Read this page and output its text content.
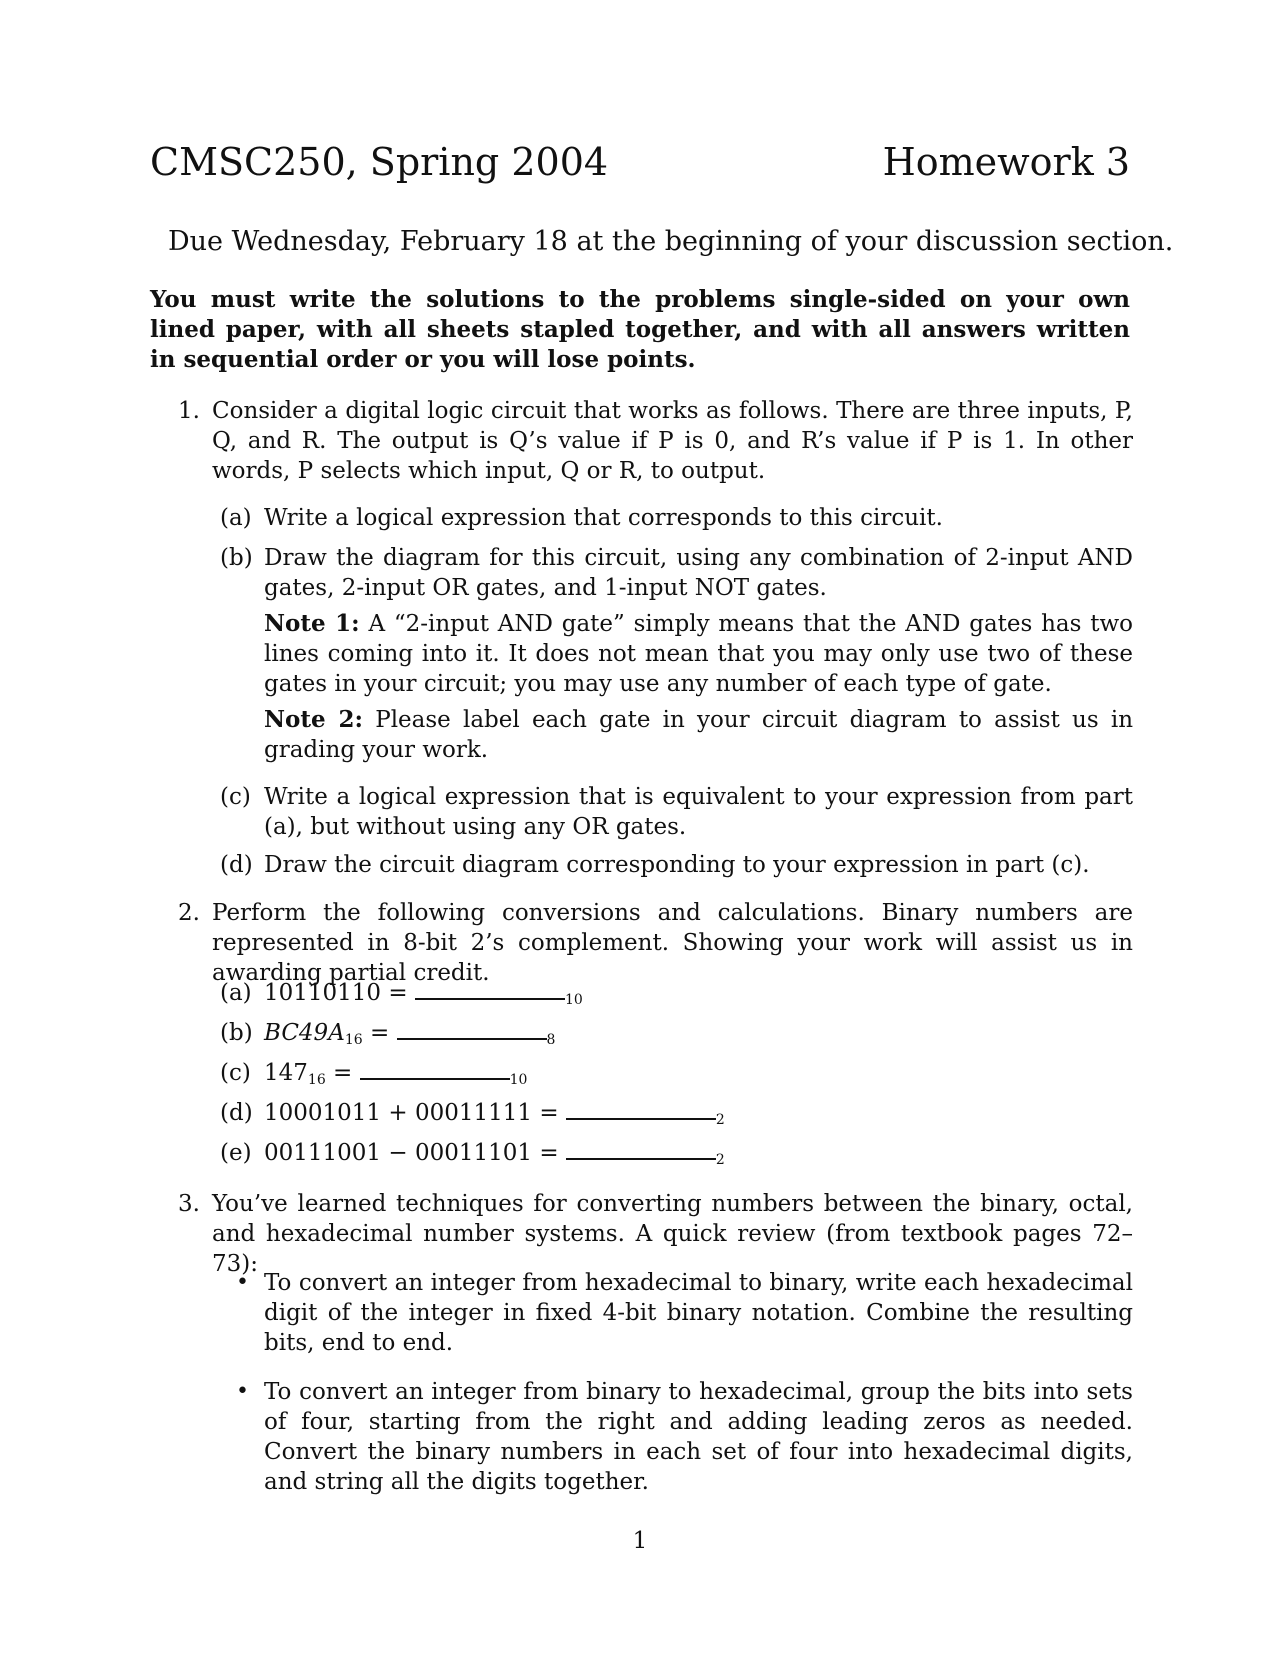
CMSC250, Spring 2004	Homework 3
Due Wednesday, February 18 at the beginning of your discussion section.
You must write the solutions to the problems single-sided on your own lined paper, with all sheets stapled together, and with all answers written in sequential order or you will lose points.
1. Consider a digital logic circuit that works as follows. There are three inputs, P, Q, and R. The output is Q’s value if P is 0, and R’s value if P is 1. In other words, P selects which input, Q or R, to output.
(a) Write a logical expression that corresponds to this circuit.
(b) Draw the diagram for this circuit, using any combination of 2-input AND gates, 2-input OR gates, and 1-input NOT gates.
Note 1: A “2-input AND gate” simply means that the AND gates has two lines coming into it. It does not mean that you may only use two of these gates in your circuit; you may use any number of each type of gate.
Note 2: Please label each gate in your circuit diagram to assist us in grading your work.
(c) Write a logical expression that is equivalent to your expression from part (a), but without using any OR gates.
(d) Draw the circuit diagram corresponding to your expression in part (c).
2. Perform the following conversions and calculations. Binary numbers are represented in 8-bit 2’s complement. Showing your work will assist us in awarding partial credit.
(a) 10110110 =	10
(b) BC49A16 =	8
(c) 14716 =	10
(d) 10001011 + 00011111 =	2
(e) 00111001 − 00011101 =	2
3. You’ve learned techniques for converting numbers between the binary, octal, and hexadecimal number systems. A quick review (from textbook pages 72–73):
• To convert an integer from hexadecimal to binary, write each hexadecimal digit of the integer in fixed 4-bit binary notation. Combine the resulting bits, end to end.
• To convert an integer from binary to hexadecimal, group the bits into sets of four, starting from the right and adding leading zeros as needed. Convert the binary numbers in each set of four into hexadecimal digits, and string all the digits together.
1
